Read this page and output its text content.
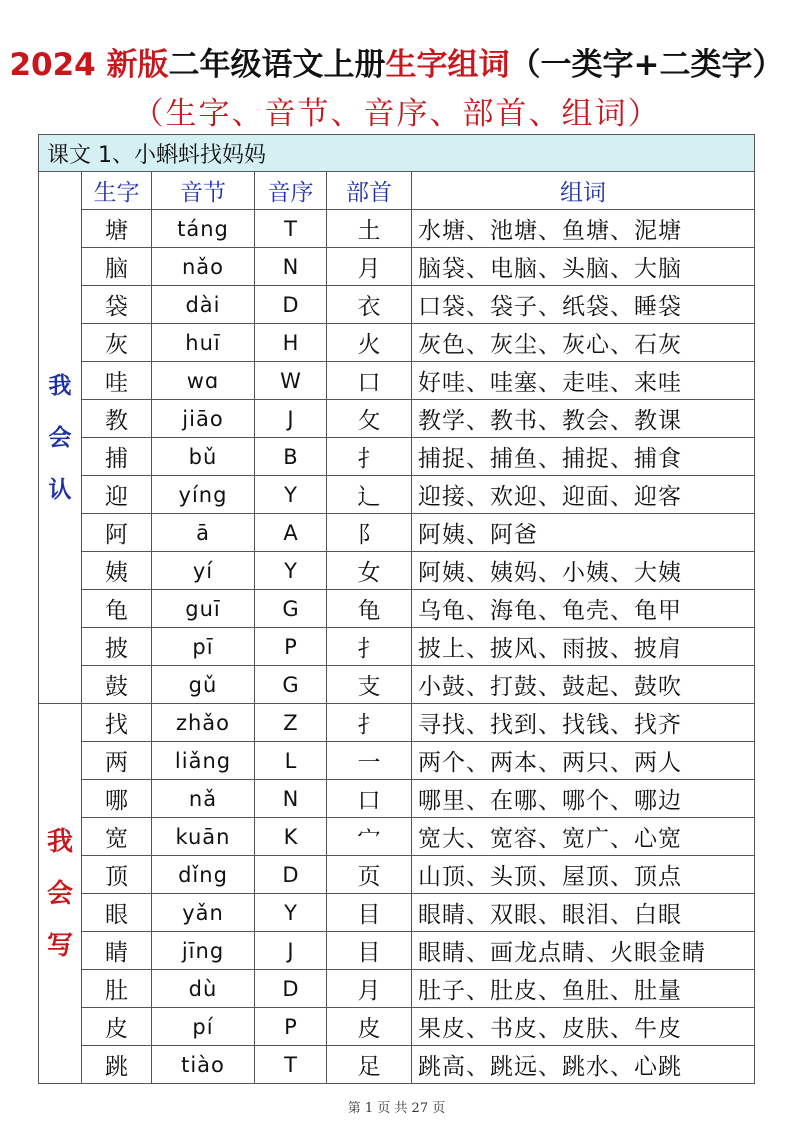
2024 新版二年级语文上册生字组词（一类字+二类字）
（生字、音节、音序、部首、组词）
课文 1、小蝌蚪找妈妈					
我会认	生字	音节	音序	部首	组词
	塘	táng	T	土	水塘、池塘、鱼塘、泥塘
	脑	nǎo	N	月	脑袋、电脑、头脑、大脑
	袋	dài	D	衣	口袋、袋子、纸袋、睡袋
	灰	huī	H	火	灰色、灰尘、灰心、石灰
	哇	wɑ	W	口	好哇、哇塞、走哇、来哇
	教	jiāo	J	攵	教学、教书、教会、教课
	捕	bǔ	B	扌	捕捉、捕鱼、捕捉、捕食
	迎	yíng	Y	辶	迎接、欢迎、迎面、迎客
	阿	ā	A	阝	阿姨、阿爸
	姨	yí	Y	女	阿姨、姨妈、小姨、大姨
	龟	guī	G	龟	乌龟、海龟、龟壳、龟甲
	披	pī	P	扌	披上、披风、雨披、披肩
	鼓	gǔ	G	支	小鼓、打鼓、鼓起、鼓吹
我会写	找	zhǎo	Z	扌	寻找、找到、找钱、找齐
	两	liǎng	L	一	两个、两本、两只、两人
	哪	nǎ	N	口	哪里、在哪、哪个、哪边
	宽	kuān	K	宀	宽大、宽容、宽广、心宽
	顶	dǐng	D	页	山顶、头顶、屋顶、顶点
	眼	yǎn	Y	目	眼睛、双眼、眼泪、白眼
	睛	jīng	J	目	眼睛、画龙点睛、火眼金睛
	肚	dù	D	月	肚子、肚皮、鱼肚、肚量
	皮	pí	P	皮	果皮、书皮、皮肤、牛皮
	跳	tiào	T	足	跳高、跳远、跳水、心跳
第 1 页 共 27 页
